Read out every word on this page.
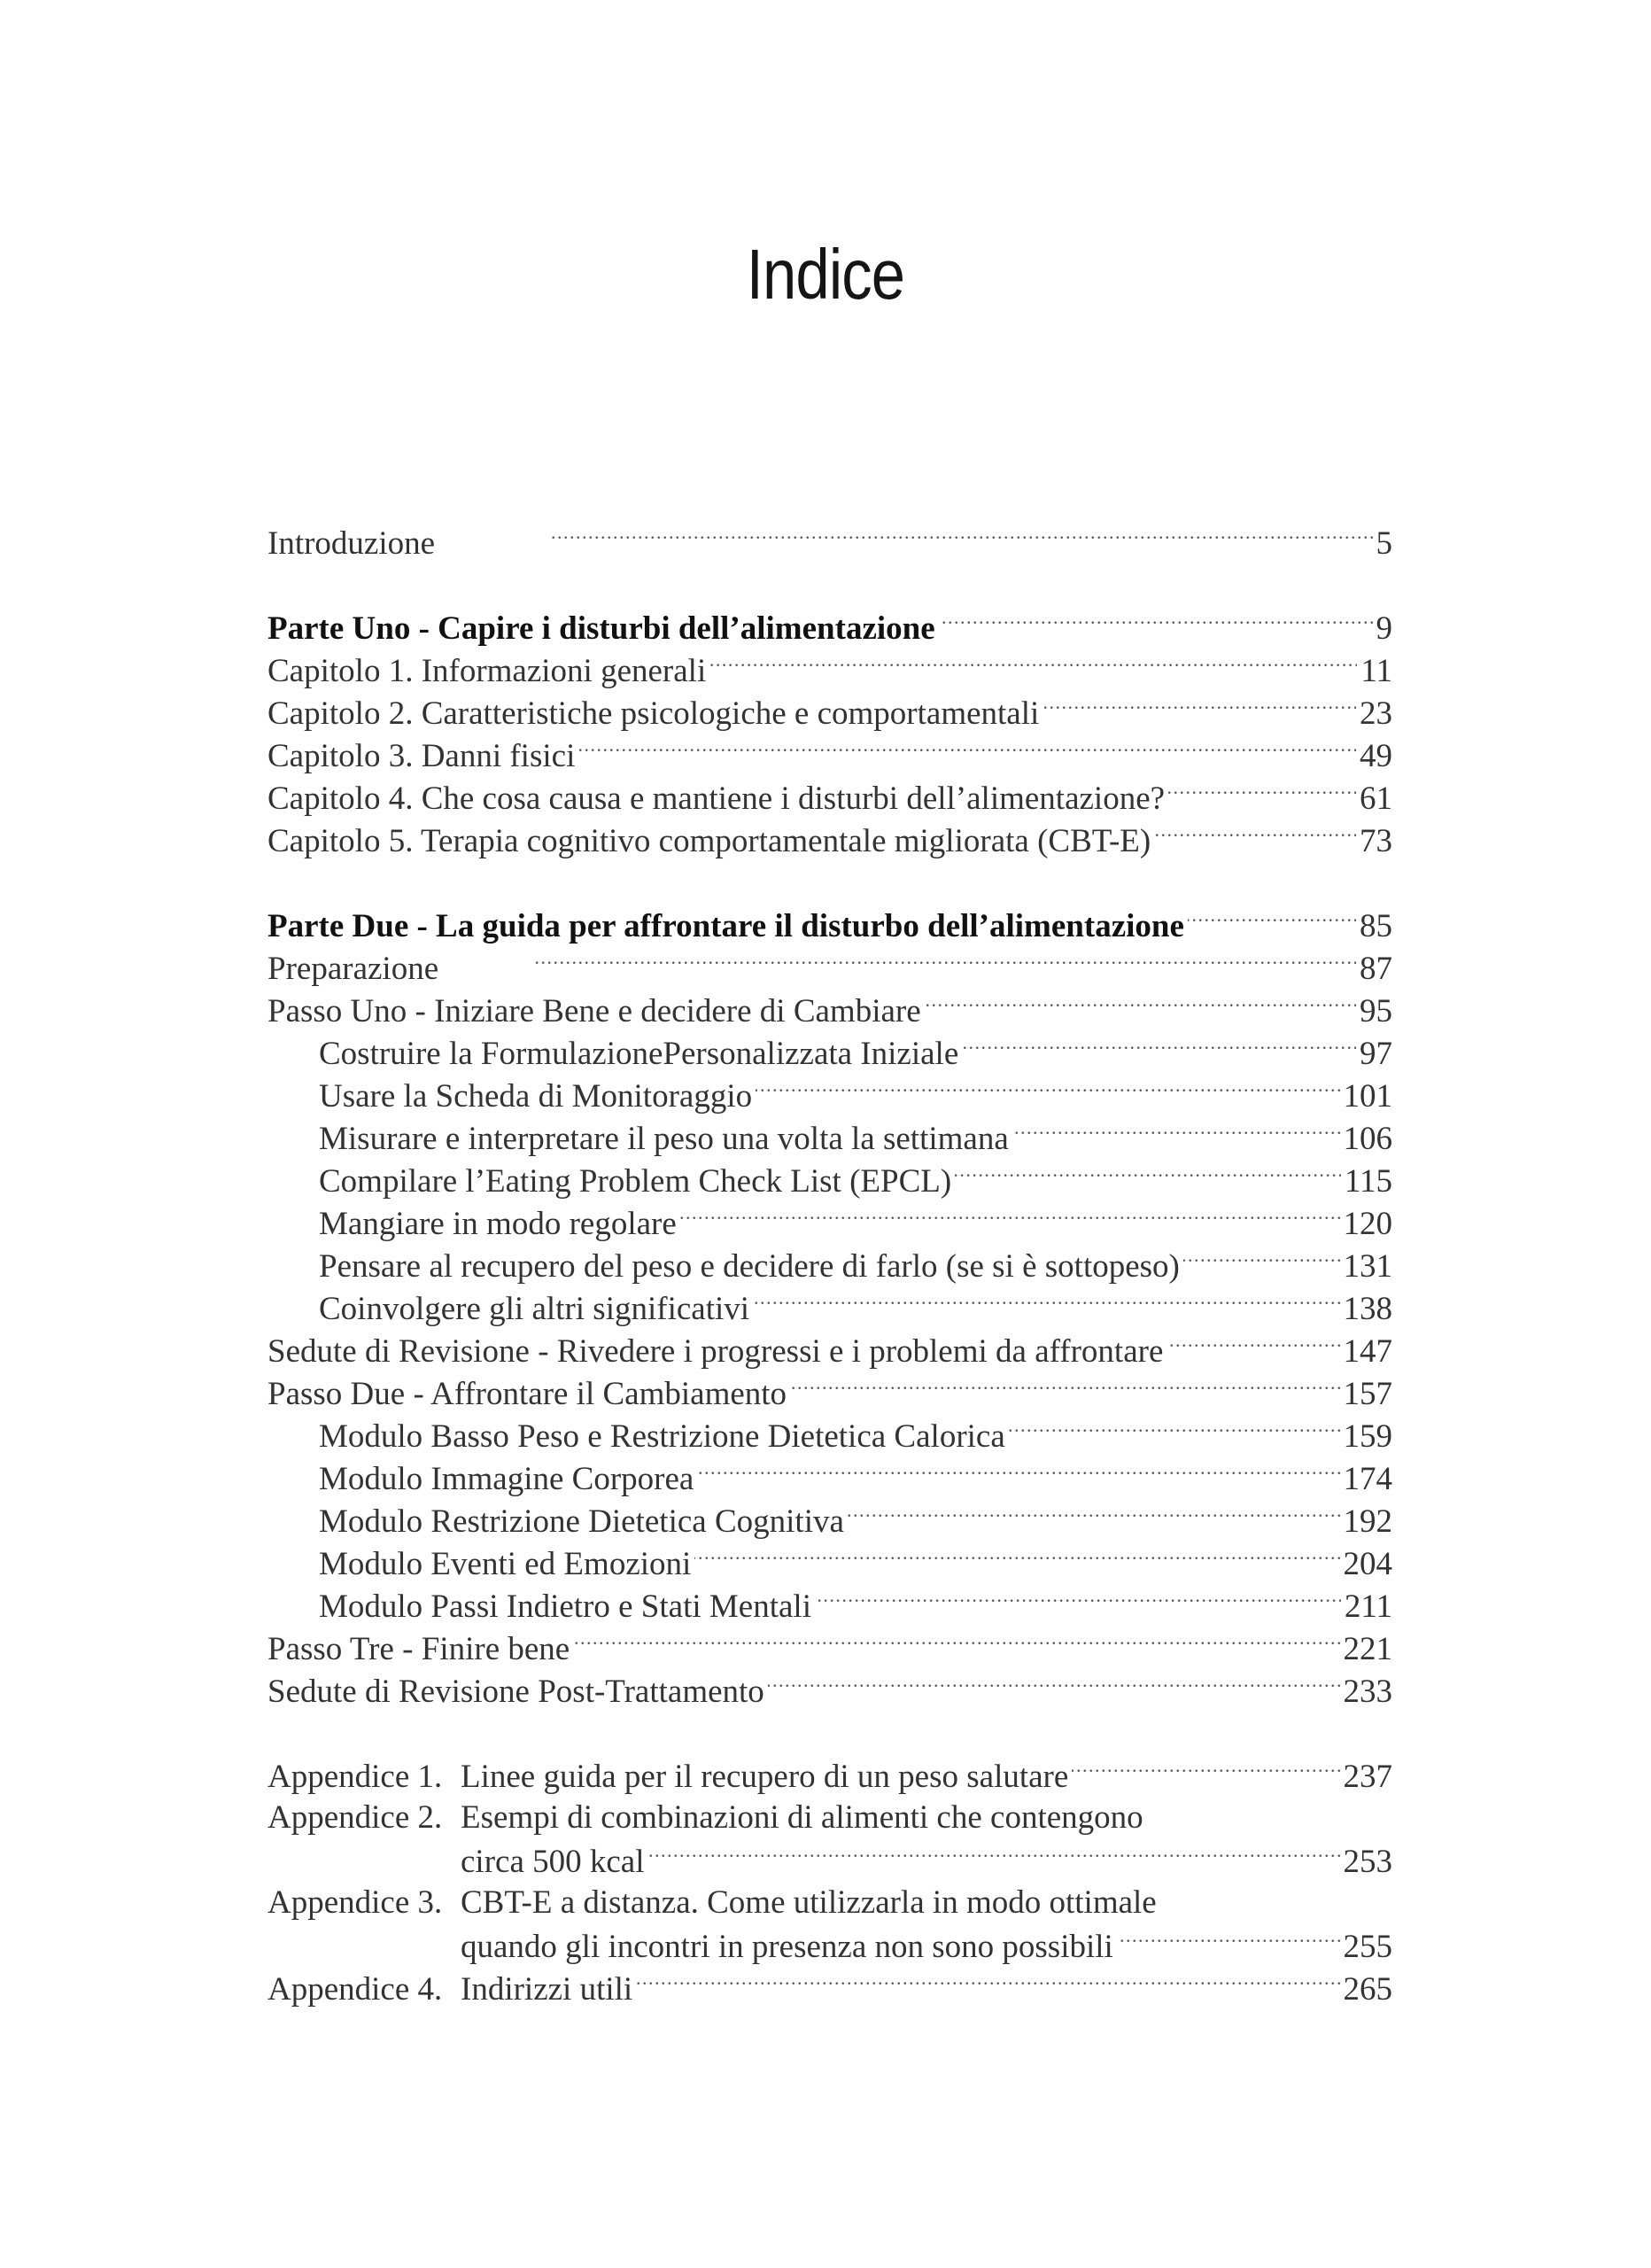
Indice
Introduzione . . .	5
Parte Uno - Capire i disturbi dell’alimentazione . . .	9
Capitolo 1. Informazioni generali . . .	11
Capitolo 2. Caratteristiche psicologiche e comportamentali . . .	23
Capitolo 3. Danni fisici . . .	49
Capitolo 4. Che cosa causa e mantiene i disturbi dell’alimentazione? . . .	61
Capitolo 5. Terapia cognitivo comportamentale migliorata (CBT-E) . . .	73
Parte Due - La guida per affrontare il disturbo dell’alimentazione . . .	85
Preparazione . . .	87
Passo Uno - Iniziare Bene e decidere di Cambiare . . .	95
Costruire la FormulazionePersonalizzata Iniziale . . .	97
Usare la Scheda di Monitoraggio . . .	101
Misurare e interpretare il peso una volta la settimana . . .	106
Compilare l’Eating Problem Check List (EPCL) . . .	115
Mangiare in modo regolare . . .	120
Pensare al recupero del peso e decidere di farlo (se si è sottopeso) . . .	131
Coinvolgere gli altri significativi . . .	138
Sedute di Revisione - Rivedere i progressi e i problemi da affrontare . . .	147
Passo Due - Affrontare il Cambiamento . . .	157
Modulo Basso Peso e Restrizione Dietetica Calorica . . .	159
Modulo Immagine Corporea . . .	174
Modulo Restrizione Dietetica Cognitiva . . .	192
Modulo Eventi ed Emozioni . . .	204
Modulo Passi Indietro e Stati Mentali . . .	211
Passo Tre - Finire bene . . .	221
Sedute di Revisione Post-Trattamento . . .	233
Appendice 1. Linee guida per il recupero di un peso salutare . . .	237
Appendice 2. Esempi di combinazioni di alimenti che contengono
circa 500 kcal . . .	253
Appendice 3. CBT-E a distanza. Come utilizzarla in modo ottimale
quando gli incontri in presenza non sono possibili . . .	255
Appendice 4. Indirizzi utili . . .	265
